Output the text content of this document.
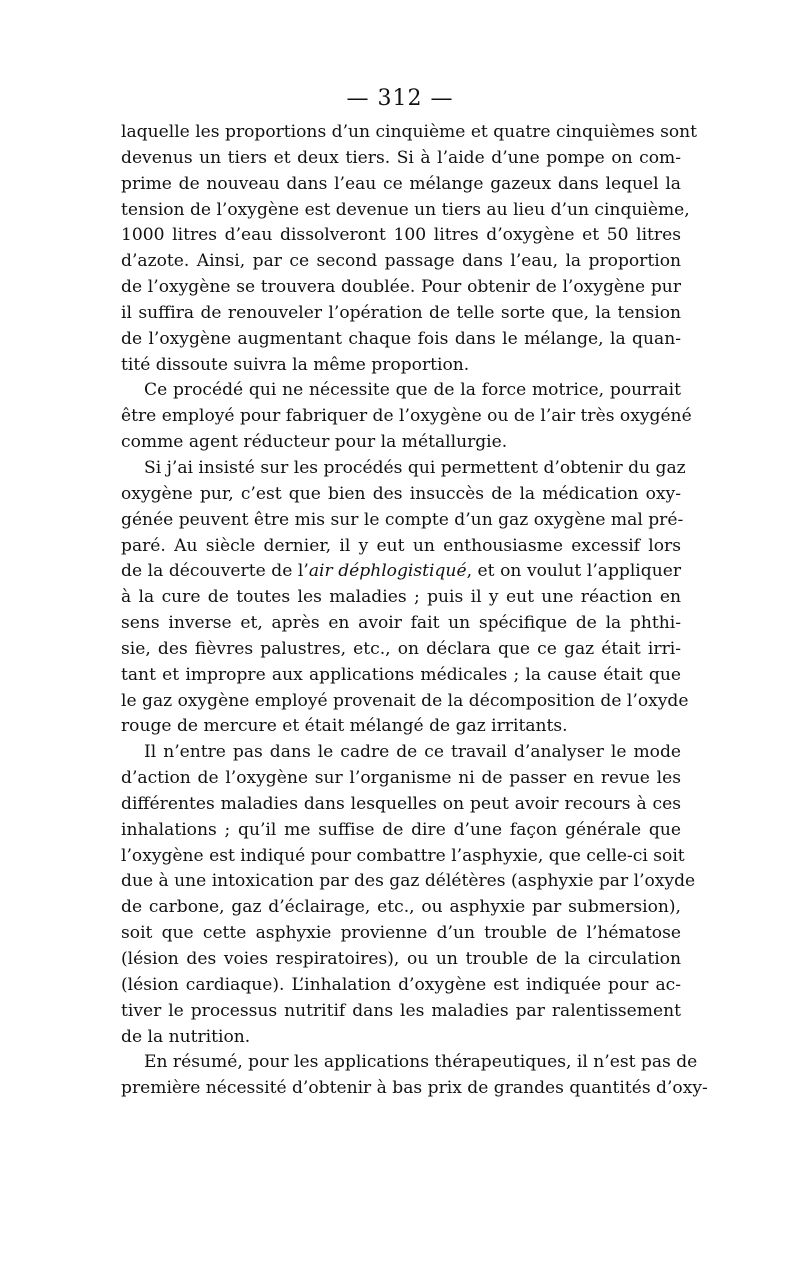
— 312 —
laquelle les proportions d’un cinquième et quatre cinquièmes sont
devenus un tiers et deux tiers. Si à l’aide d’une pompe on com-
prime de nouveau dans l’eau ce mélange gazeux dans lequel la
tension de l’oxygène est devenue un tiers au lieu d’un cinquième,
1000 litres d’eau dissolveront 100 litres d’oxygène et 50 litres
d’azote. Ainsi, par ce second passage dans l’eau, la proportion
de l’oxygène se trouvera doublée. Pour obtenir de l’oxygène pur
il suffira de renouveler l’opération de telle sorte que, la tension
de l’oxygène augmentant chaque fois dans le mélange, la quan-
tité dissoute suivra la même proportion.
Ce procédé qui ne nécessite que de la force motrice, pourrait
être employé pour fabriquer de l’oxygène ou de l’air très oxygéné
comme agent réducteur pour la métallurgie.
Si j’ai insisté sur les procédés qui permettent d’obtenir du gaz
oxygène pur, c’est que bien des insuccès de la médication oxy-
génée peuvent être mis sur le compte d’un gaz oxygène mal pré-
paré. Au siècle dernier, il y eut un enthousiasme excessif lors
de la découverte de l’air déphlogistiqué, et on voulut l’appliquer
à la cure de toutes les maladies ; puis il y eut une réaction en
sens inverse et, après en avoir fait un spécifique de la phthi-
sie, des fièvres palustres, etc., on déclara que ce gaz était irri-
tant et impropre aux applications médicales ; la cause était que
le gaz oxygène employé provenait de la décomposition de l’oxyde
rouge de mercure et était mélangé de gaz irritants.
Il n’entre pas dans le cadre de ce travail d’analyser le mode
d’action de l’oxygène sur l’organisme ni de passer en revue les
différentes maladies dans lesquelles on peut avoir recours à ces
inhalations ; qu’il me suffise de dire d’une façon générale que
l’oxygène est indiqué pour combattre l’asphyxie, que celle-ci soit
due à une intoxication par des gaz délétères (asphyxie par l’oxyde
de carbone, gaz d’éclairage, etc., ou asphyxie par submersion),
soit que cette asphyxie provienne d’un trouble de l’hématose
(lésion des voies respiratoires), ou un trouble de la circulation
(lésion cardiaque). L’inhalation d’oxygène est indiquée pour ac-
tiver le processus nutritif dans les maladies par ralentissement
de la nutrition.
En résumé, pour les applications thérapeutiques, il n’est pas de
première nécessité d’obtenir à bas prix de grandes quantités d’oxy-
